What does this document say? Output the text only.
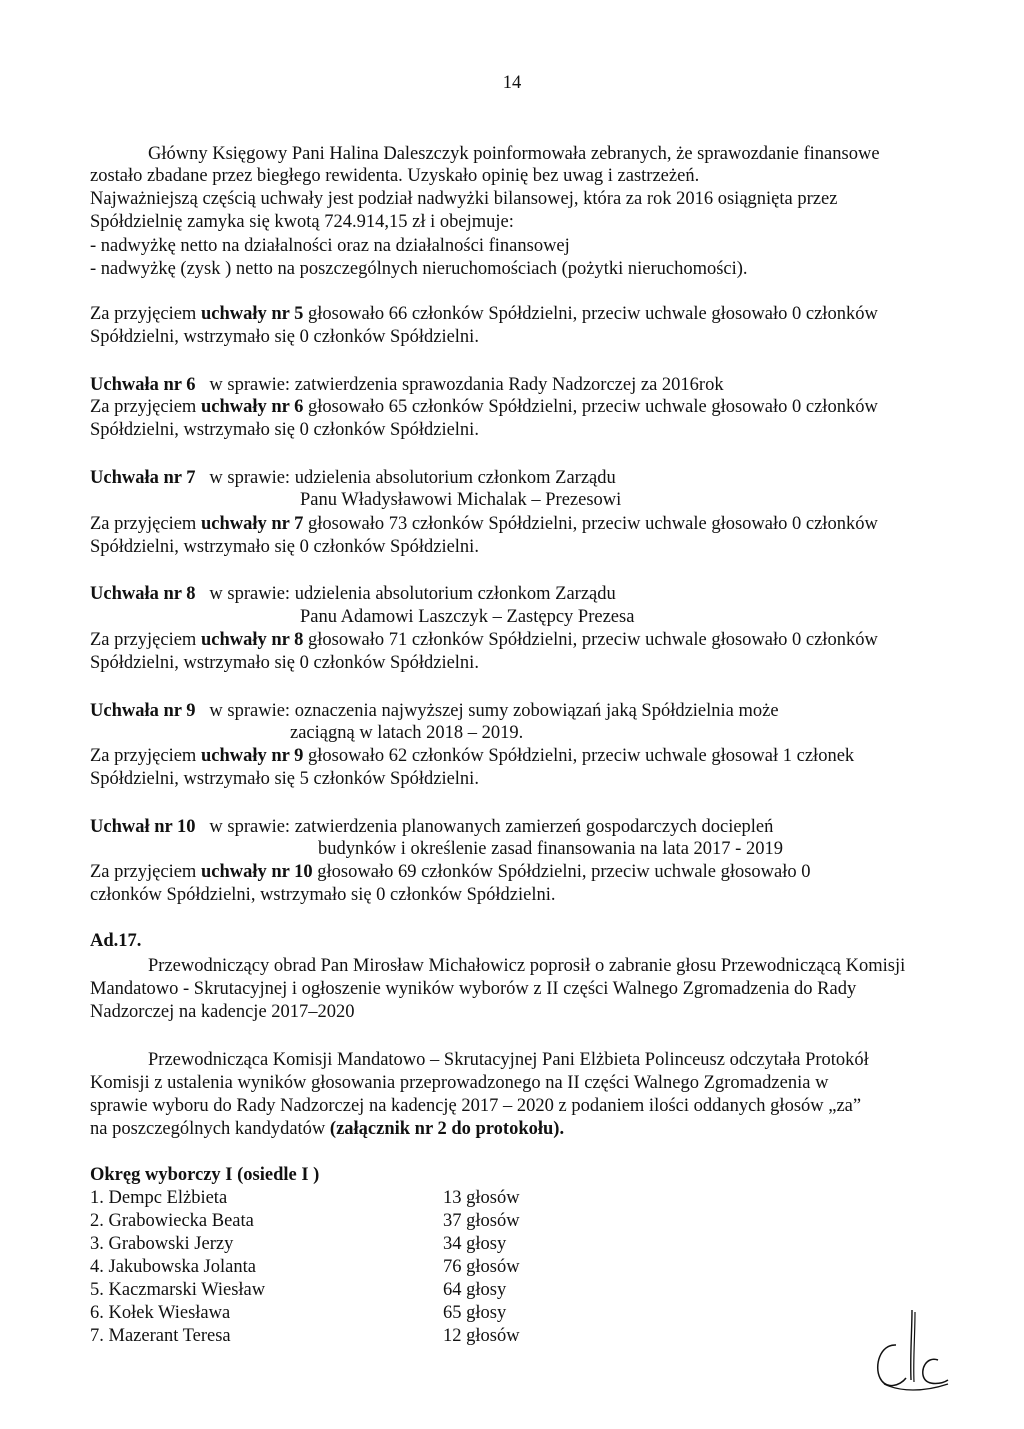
14
Główny Księgowy Pani Halina Daleszczyk poinformowała zebranych, że sprawozdanie finansowe
zostało zbadane przez biegłego rewidenta. Uzyskało opinię bez uwag i zastrzeżeń.
Najważniejszą częścią uchwały jest podział nadwyżki bilansowej, która za rok 2016 osiągnięta przez
Spółdzielnię zamyka się kwotą 724.914,15 zł i obejmuje:
- nadwyżkę netto na działalności oraz na działalności finansowej
- nadwyżkę (zysk ) netto na poszczególnych nieruchomościach (pożytki nieruchomości).
Za przyjęciem uchwały nr 5 głosowało 66 członków Spółdzielni, przeciw uchwale głosowało 0 członków
Spółdzielni, wstrzymało się 0 członków Spółdzielni.
Uchwała nr 6 w sprawie: zatwierdzenia sprawozdania Rady Nadzorczej za 2016rok
Za przyjęciem uchwały nr 6 głosowało 65 członków Spółdzielni, przeciw uchwale głosowało 0 członków
Spółdzielni, wstrzymało się 0 członków Spółdzielni.
Uchwała nr 7 w sprawie: udzielenia absolutorium członkom Zarządu
Panu Władysławowi Michalak – Prezesowi
Za przyjęciem uchwały nr 7 głosowało 73 członków Spółdzielni, przeciw uchwale głosowało 0 członków
Spółdzielni, wstrzymało się 0 członków Spółdzielni.
Uchwała nr 8 w sprawie: udzielenia absolutorium członkom Zarządu
Panu Adamowi Laszczyk – Zastępcy Prezesa
Za przyjęciem uchwały nr 8 głosowało 71 członków Spółdzielni, przeciw uchwale głosowało 0 członków
Spółdzielni, wstrzymało się 0 członków Spółdzielni.
Uchwała nr 9 w sprawie: oznaczenia najwyższej sumy zobowiązań jaką Spółdzielnia może
zaciągną w latach 2018 – 2019.
Za przyjęciem uchwały nr 9 głosowało 62 członków Spółdzielni, przeciw uchwale głosował 1 członek
Spółdzielni, wstrzymało się 5 członków Spółdzielni.
Uchwał nr 10 w sprawie: zatwierdzenia planowanych zamierzeń gospodarczych dociepleń
budynków i określenie zasad finansowania na lata 2017 - 2019
Za przyjęciem uchwały nr 10 głosowało 69 członków Spółdzielni, przeciw uchwale głosowało 0
członków Spółdzielni, wstrzymało się 0 członków Spółdzielni.
Ad.17.
Przewodniczący obrad Pan Mirosław Michałowicz poprosił o zabranie głosu Przewodniczącą Komisji
Mandatowo - Skrutacyjnej i ogłoszenie wyników wyborów z II części Walnego Zgromadzenia do Rady
Nadzorczej na kadencje 2017–2020
Przewodnicząca Komisji Mandatowo – Skrutacyjnej Pani Elżbieta Polinceusz odczytała Protokół
Komisji z ustalenia wyników głosowania przeprowadzonego na II części Walnego Zgromadzenia w
sprawie wyboru do Rady Nadzorczej na kadencję 2017 – 2020 z podaniem ilości oddanych głosów „za”
na poszczególnych kandydatów (załącznik nr 2 do protokołu).
Okręg wyborczy I (osiedle I )
1. Dempc Elżbieta	13 głosów
2. Grabowiecka Beata	37 głosów
3. Grabowski Jerzy	34 głosy
4. Jakubowska Jolanta	76 głosów
5. Kaczmarski Wiesław	64 głosy
6. Kołek Wiesława	65 głosy
7. Mazerant Teresa	12 głosów
